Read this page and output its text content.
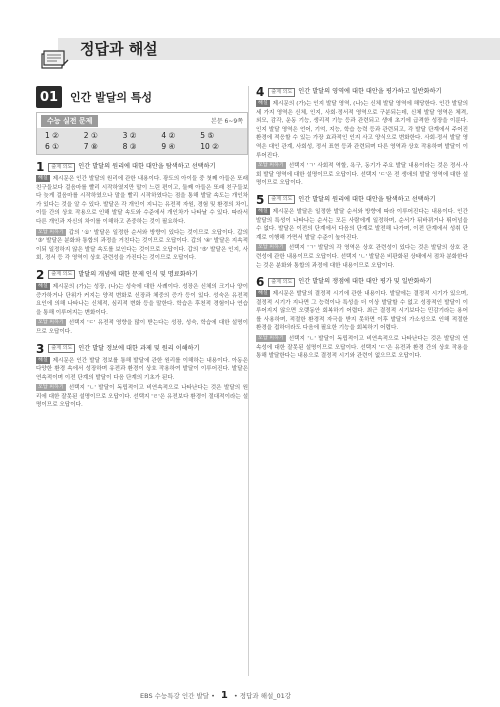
정답과 해설
01	인간 발달의 특성
수능 실전 문제	본문 6~9쪽
1 ②	2 ①	3 ②	4 ②	5 ⑤
6 ①	7 ⑧	8 ③	9 ④	10 ②
1	출제 의도 인간 발달의 원리에 대한 대안을 탐색하고 선택하기

해설 제시문은 인간 발달의 원리에 관한 내용이다. 광도의 아이들 중 첫째 아들은 또래 친구들보다 걸음마를 빨리 시작하였지만 말이 느린 편이고, 둘째 아들은 또래 친구들보다 늦게 걸음마를 시작하였으나 말을 빨리 시작하였다는 점을 통해 발달 속도는 개인차가 있다는 것을 알 수 있다. 발달은 각 개인이 지니는 유전적 자원, 경험 및 환경의 차이, 이들 간의 상호 작용으로 인해 발달 속도와 수준에서 개인차가 나타날 수 있다. 따라서 다른 개인과 자신의 차이를 이해하고 존중하는 것이 필요하다.

오답 피하기 갑의 '①' 발달은 일정한 순서와 방향이 있다는 것이므로 오답이다. 갑의 '③' 발달은 분화와 통합의 과정을 거친다는 것이므로 오답이다. 갑의 '④' 발달은 지속적이되 일정하지 않은 발달 속도를 보인다는 것이므로 오답이다. 갑의 '⑤' 발달은 인지, 사회, 정서 등 각 영역이 상호 관련성을 가진다는 것이므로 오답이다.

2	출제 의도 발달의 개념에 대한 문제 인식 및 명료화하기

해설 제시문의 (가)는 성장, (나)는 성숙에 대한 사례이다. 성장은 신체의 크기나 양이 증가하거나 단위가 커지는 양적 변화로 신장과 체중의 증가 등이 있다. 성숙은 유전적 요인에 의해 나타나는 신체적, 심리적 변화 등을 말한다. 학습은 후천적 경험이나 연습을 통해 이루어지는 변화이다.

오답 피하기 선택지 'ㄷ' 유전적 영향을 많이 받는다는 성장, 성숙, 학습에 대한 설명이므로 오답이다.

3	출제 의도 인간 발달 정보에 대한 과제 및 원리 이해하기

해설 제시문은 인간 발달 정보를 통해 발달에 관한 원리를 이해하는 내용이다. 아동은 다양한 환경 속에서 성장하며 유전과 환경이 상호 작용하여 발달이 이루어진다. 발달은 연속적이며 이전 단계의 발달이 다음 단계의 기초가 된다.

오답 피하기 선택지 'ㄴ' 발달이 독립적이고 비연속적으로 나타난다는 것은 발달의 원리에 대한 잘못된 설명이므로 오답이다. 선택지 'ㄹ'은 유전보다 환경이 절대적이라는 설명이므로 오답이다.

4	출제 의도 인간 발달의 영역에 대한 대안을 평가하고 일반화하기

해설 제시문의 (가)는 인지 발달 영역, (나)는 신체 발달 영역에 해당한다. 인간 발달의 세 가지 영역은 신체, 인지, 사회·정서적 영역으로 구분되는데, 신체 발달 영역은 체격, 외모, 감각, 운동 기능, 생리적 기능 등과 관련되고 생애 초기에 급격한 성장을 이룬다. 인지 발달 영역은 언어, 기억, 지능, 학습 능력 등과 관련되고, 각 발달 단계에서 주어진 환경에 적응할 수 있는 가장 효과적인 인지 사고 양식으로 변화한다. 사회·정서 발달 영역은 대인 관계, 사회성, 정서 표현 등과 관련되며 다른 영역과 상호 작용하며 발달이 이루어진다.

오답 피하기 선택지 'ㄱ' 사회적 역할, 욕구, 동기가 주요 발달 내용이라는 것은 정서·사회 발달 영역에 대한 설명이므로 오답이다. 선택지 'ㄷ'은 전 생애의 발달 영역에 대한 설명이므로 오답이다.

5	출제 의도 인간 발달의 원리에 대한 대안을 탐색하고 선택하기

해설 제시문은 발달은 일정한 발달 순서와 방향에 따라 이루어진다는 내용이다. 인간 발달의 특성이 나타나는 순서는 모든 사람에게 일정하며, 순서가 뒤바뀌거나 뛰어넘을 수 없다. 발달은 이전의 단계에서 다음의 단계로 발전해 나가며, 이전 단계에서 성취 단계로 이행해 가면서 발달 수준이 높아진다.

오답 피하기 선택지 'ㄱ' 발달의 각 영역은 상호 관련성이 있다는 것은 발달의 상호 관련성에 관한 내용이므로 오답이다. 선택지 'ㄴ' 발달은 비판화된 상태에서 점차 분화한다는 것은 분화와 통합의 과정에 대한 내용이므로 오답이다.

6	출제 의도 인간 발달의 쟁점에 대한 대안 평가 및 일반화하기

해설 제시문은 발달의 결정적 시기에 관한 내용이다. 발달에는 결정적 시기가 있으며, 결정적 시기가 지나면 그 능력이나 특성을 더 이상 발달할 수 없고 성장적인 발달이 이루어지지 않으면 오랫동안 회복하기 어렵다. 최근 결정적 시기보다는 민감기라는 용어를 사용하며, 적절한 환경적 자극을 받지 못하면 이후 발달의 가소성으로 인해 적절한 환경을 접하더라도 다음에 필요한 기능을 회복하기 어렵다.

오답 피하기 선택지 'ㄴ' 발달이 독립적이고 비연속적으로 나타난다는 것은 발달의 연속성에 대한 잘못된 설명이므로 오답이다. 선택지 'ㄷ'은 유전과 환경 간의 상호 작용을 통해 발달한다는 내용으로 결정적 시기와 관련이 없으므로 오답이다.

EBS 수능특강 인간 발달 • 1 • 정답과 해설_01강
